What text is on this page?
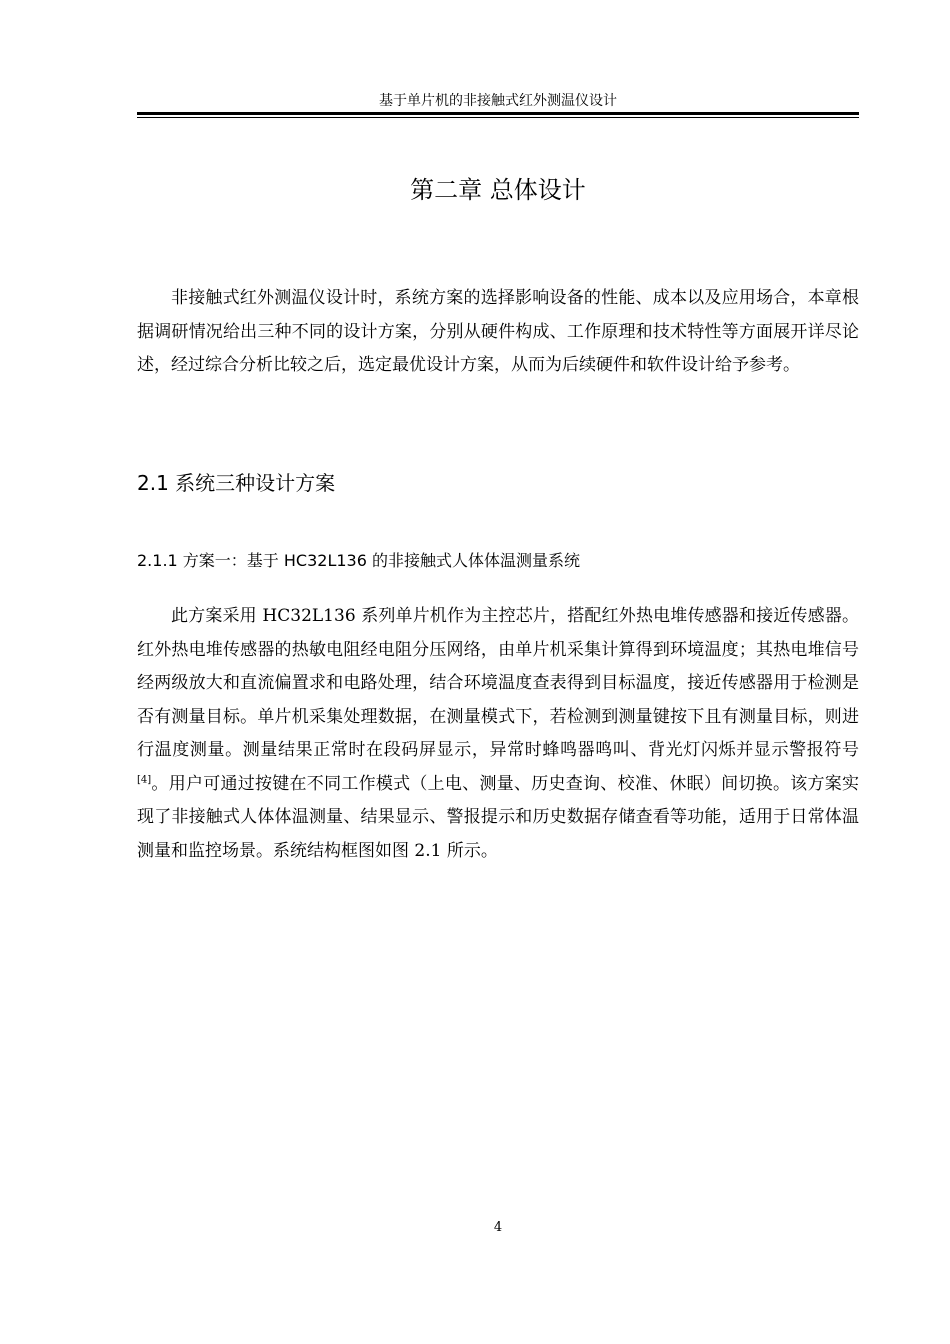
基于单片机的非接触式红外测温仪设计
第二章 总体设计

非接触式红外测温仪设计时，系统方案的选择影响设备的性能、成本以及应用场合，本章根据调研情况给出三种不同的设计方案，分别从硬件构成、工作原理和技术特性等方面展开详尽论述，经过综合分析比较之后，选定最优设计方案，从而为后续硬件和软件设计给予参考。

2.1 系统三种设计方案
2.1.1 方案一：基于 HC32L136 的非接触式人体体温测量系统

此方案采用 HC32L136 系列单片机作为主控芯片，搭配红外热电堆传感器和接近传感器。红外热电堆传感器的热敏电阻经电阻分压网络，由单片机采集计算得到环境温度；其热电堆信号经两级放大和直流偏置求和电路处理，结合环境温度查表得到目标温度，接近传感器用于检测是否有测量目标。单片机采集处理数据，在测量模式下，若检测到测量键按下且有测量目标，则进行温度测量。测量结果正常时在段码屏显示，异常时蜂鸣器鸣叫、背光灯闪烁并显示警报符号[4]。用户可通过按键在不同工作模式（上电、测量、历史查询、校准、休眠）间切换。该方案实现了非接触式人体体温测量、结果显示、警报提示和历史数据存储查看等功能，适用于日常体温测量和监控场景。系统结构框图如图 2.1 所示。

4
